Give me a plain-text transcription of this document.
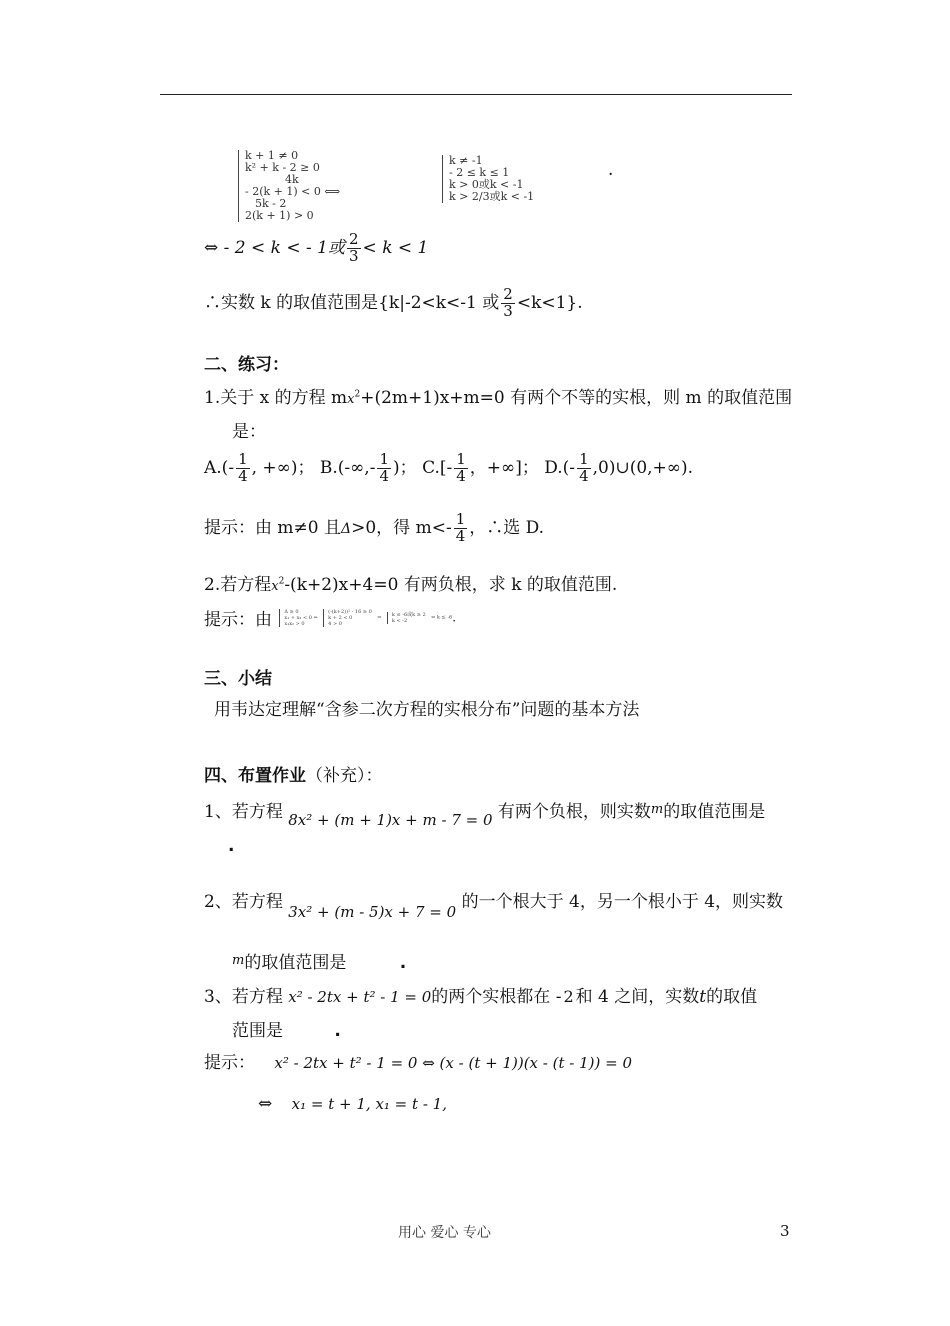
k + 1 ≠ 0
k² + k - 2 ≥ 0
4k
- 2(k + 1) < 0 ⟺
5k - 2
2(k + 1) > 0
k ≠ -1
- 2 ≤ k ≤ 1
k > 0或k < -1
k > 2/3或k < -1
.
⇔ - 2 < k < - 1或 $\frac{2}{3} < k < 1$
∴实数 k 的取值范围是{k|-2<k<-1 或 $\frac{2}{3} <k<1$}.
二、练习：
1.关于 x 的方程 $mx^2+(2m+1)x+m=0$ 有两个不等的实根，则 m 的取值范围
是：
$A.(- \frac{1}{4}$ , +∞)； $B.(-\infty,- \frac{1}{4}$ )； $C.[- \frac{1}{4}$ ，+∞]； $D.(- \frac{1}{4}$ ,0)∪(0,+∞).
提示：由 m≠0 且Δ>0，得 $m<- \frac{1}{4}$ ，∴选 D.
2.若方程$x^2-(k+2)x+4=0$ 有两负根，求 k 的取值范围.
提示：由 Δ ≥ 0
x₁ + x₂ < 0 ⇔
x₁x₂ > 0

(-(k+2))² - 16 ≥ 0
k + 2 < 0
4 > 0
⇔ k ≤ -6或k ≥ 2
k < -2	⇔ k ≤ -6.
三、小结
用韦达定理解“含参二次方程的实根分布”问题的基本方法
四、布置作业（补充）：
1、若方程 8x² + (m + 1)x + m - 7 = 0 有两个负根，则实数$^m$的取值范围是
.
2、若方程 3x² + (m - 5)x + 7 = 0 的一个根大于 4，另一个根小于 4，则实数
$^m$的取值范围是	.
3、若方程 x² - 2tx + t² - 1 = 0的两个实根都在 - 2 和 4 之间，实数t的取值
范围是	.
提示： x² - 2tx + t² - 1 = 0 ⇔ (x - (t + 1))(x - (t - 1)) = 0
⇔ x₁ = t + 1, x₁ = t - 1,
用心 爱心 专心	3
